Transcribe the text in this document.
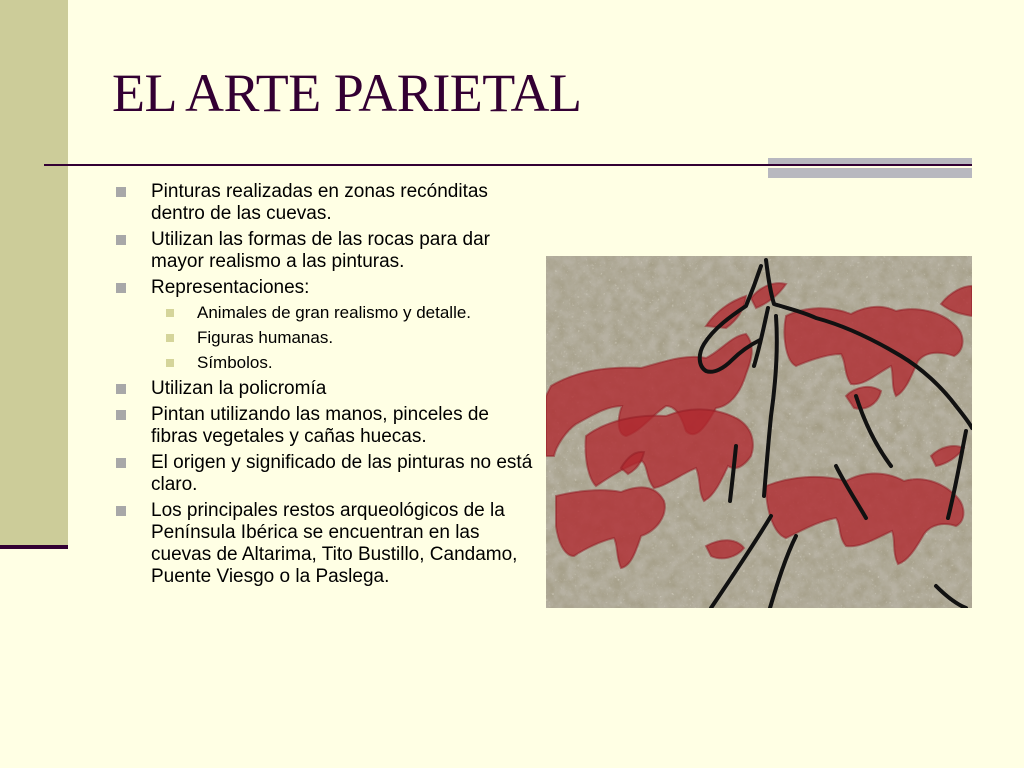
EL ARTE PARIETAL
Pinturas realizadas en zonas recónditas dentro de las cuevas.
Utilizan las formas de las rocas para dar mayor realismo a las pinturas.
Representaciones:
Animales de gran realismo y detalle.
Figuras humanas.
Símbolos.
Utilizan la policromía
Pintan utilizando las manos, pinceles de fibras vegetales y cañas huecas.
El origen y significado de las pinturas no está claro.
Los principales restos arqueológicos de la Península Ibérica se encuentran en las cuevas de Altarima, Tito Bustillo, Candamo, Puente Viesgo o la Paslega.
